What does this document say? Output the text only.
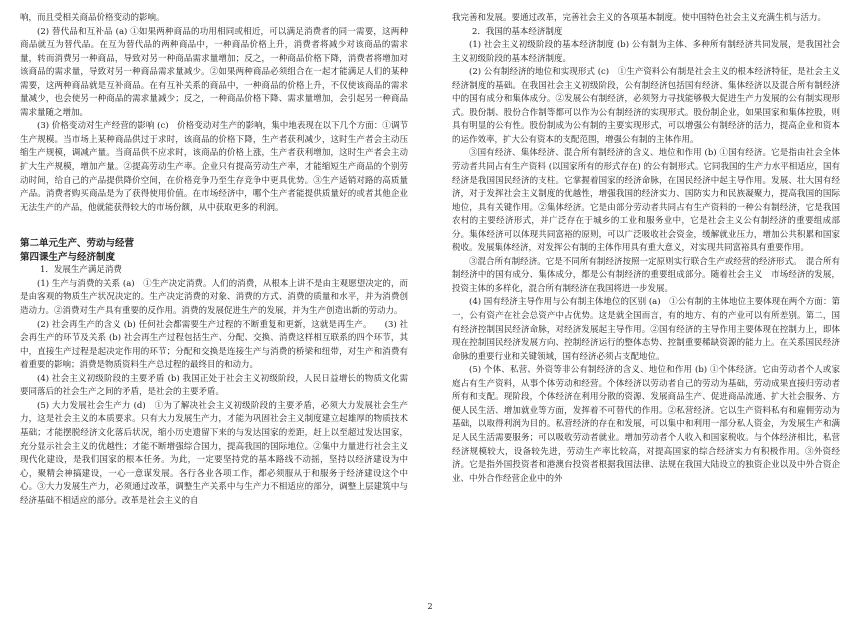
响，而且受相关商品价格变动的影响。

(2) 替代品和互补品 (a) ①如果两种商品的功用相同或相近，可以满足消费者的同一需要，这两种商品就互为替代品。在互为替代品的两种商品中，一种商品价格上升，消费者将减少对该商品的需求量，转而消费另一种商品，导致对另一种商品需求量增加；反之，一种商品价格下降，消费者将增加对该商品的需求量，导致对另一种商品需求量减少。②如果两种商品必须组合在一起才能满足人们的某种需要，这两种商品就是互补商品。在有互补关系的商品中，一种商品的价格上升，不仅使该商品的需求量减少，也会使另一种商品的需求量减少；反之，一种商品价格下降、需求量增加，会引起另一种商品需求量随之增加。

(3) 价格变动对生产经营的影响 (c)　价格变动对生产的影响，集中地表现在以下几个方面：①调节生产规模。当市场上某种商品供过于求时，该商品的价格下降，生产者获利减少，这时生产者会主动压缩生产规模，调减产量。当商品供不应求时，该商品的价格上涨，生产者获利增加，这时生产者会主动扩大生产规模，增加产量。②提高劳动生产率。企业只有提高劳动生产率，才能缩短生产商品的个别劳动时间，给自己的产品提供降价空间，在价格竞争乃至生存竞争中更具优势。③生产适销对路的高质量产品。消费者购买商品是为了获得使用价值。在市场经济中，哪个生产者能提供质量好的或者其他企业无法生产的产品，他就能获得较大的市场份额，从中获取更多的利润。

第二单元生产、劳动与经营
第四课生产与经济制度

1．发展生产满足消费

(1) 生产与消费的关系 (a)　①生产决定消费。人们的消费，从根本上讲不是由主观愿望决定的，而是由客观的物质生产状况决定的。生产决定消费的对象、消费的方式、消费的质量和水平，并为消费创造动力。②消费对生产具有重要的反作用。消费的发展促进生产的发展，并为生产创造出新的劳动力。

(2) 社会再生产的含义 (b) 任何社会都需要生产过程的不断重复和更新，这就是再生产。　　(3) 社会再生产的环节及关系 (b) 社会再生产过程包括生产、分配、交换、消费这样相互联系的四个环节，其中，直接生产过程是起决定作用的环节；分配和交换是连接生产与消费的桥梁和纽带，对生产和消费有着重要的影响；消费是物质资料生产总过程的最终目的和动力。

(4) 社会主义初级阶段的主要矛盾 (b) 我国正处于社会主义初级阶段，人民日益增长的物质文化需要同落后的社会生产之间的矛盾，是社会的主要矛盾。

(5) 大力发展社会生产力 (d)　①为了解决社会主义初级阶段的主要矛盾，必须大力发展社会生产力，这是社会主义的本质要求。只有大力发展生产力，才能为巩固社会主义制度建立起雄厚的物质技术基础；才能摆脱经济文化落后状况，缩小历史遗留下来的与发达国家的差距，赶上以至超过发达国家，充分显示社会主义的优越性；才能不断增强综合国力，提高我国的国际地位。②集中力量进行社会主义现代化建设，是我们国家的根本任务。为此，一定要坚持党的基本路线不动摇，坚持以经济建设为中心，聚精会神搞建设，一心一意谋发展。各行各业各项工作，都必须服从于和服务于经济建设这个中心。③大力发展生产力，必须通过改革，调整生产关系中与生产力不相适应的部分，调整上层建筑中与经济基础不相适应的部分。改革是社会主义的自

我完善和发展。要通过改革，完善社会主义的各项基本制度。使中国特色社会主义充满生机与活力。

2．我国的基本经济制度

(1) 社会主义初级阶段的基本经济制度 (b) 公有制为主体、多种所有制经济共同发展，是我国社会主义初级阶段的基本经济制度。

(2) 公有制经济的地位和实现形式 (c)　①生产资料公有制是社会主义的根本经济特征，是社会主义经济制度的基础。在我国社会主义初级阶段，公有制经济包括国有经济、集体经济以及混合所有制经济中的国有成分和集体成分。②发展公有制经济，必须努力寻找能够极大促进生产力发展的公有制实现形式。股份制、股份合作制等都可以作为公有制经济的实现形式。股份制企业，如果国家和集体控股，则具有明显的公有性。股份制成为公有制的主要实现形式，可以增强公有制经济的活力，提高企业和资本的运作效率，扩大公有资本的支配范围，增强公有制的主体作用。

③国有经济、集体经济、混合所有制经济的含义、地位和作用 (b) ①国有经济。它是指由社会全体劳动者共同占有生产资料 (以国家所有的形式存在) 的公有制形式。它同我国的生产力水平相适应，国有经济是我国国民经济的支柱。它掌握着国家的经济命脉，在国民经济中起主导作用。发展、壮大国有经济，对于发挥社会主义制度的优越性，增强我国的经济实力、国防实力和民族凝聚力，提高我国的国际地位，具有关键作用。②集体经济。它是由部分劳动者共同占有生产资料的一种公有制经济，它是我国农村的主要经济形式，并广泛存在于城乡的工业和服务业中，它是社会主义公有制经济的重要组成部分。集体经济可以体现共同富裕的原则，可以广泛吸收社会资金，缓解就业压力，增加公共积累和国家税收。发展集体经济，对发挥公有制的主体作用具有重大意义，对实现共同富裕具有重要作用。

③混合所有制经济。它是不同所有制经济按照一定原则实行联合生产或经营的经济形式。　混合所有制经济中的国有成分、集体成分，都是公有制经济的重要组成部分。随着社会主义　市场经济的发展，投资主体的多样化，混合所有制经济在我国将进一步发展。

(4) 国有经济主导作用与公有制主体地位的区别 (a)　①公有制的主体地位主要体现在两个方面：第一，公有资产在社会总资产中占优势。这是就全国而言，有的地方、有的产业可以有所差别。第二，国有经济控制国民经济命脉，对经济发展起主导作用。②国有经济的主导作用主要体现在控制力上，即体现在控制国民经济发展方向、控制经济运行的整体态势、控制重要稀缺资源的能力上。在关系国民经济命脉的重要行业和关键领域，国有经济必须占支配地位。

(5) 个体、私营、外资等非公有制经济的含义、地位和作用 (b) ①个体经济。它由劳动者个人或家庭占有生产资料，从事个体劳动和经营。个体经济以劳动者自己的劳动为基础，劳动成果直接归劳动者所有和支配。现阶段，个体经济在利用分散的资源、发展商品生产、促进商品流通、扩大社会服务、方便人民生活、增加就业等方面，发挥着不可替代的作用。②私营经济。它以生产资料私有和雇佣劳动为基础，以取得利润为目的。私营经济的存在和发展，可以集中和利用一部分私人资金，为发展生产和满足人民生活需要服务；可以吸收劳动者就业。增加劳动者个人收入和国家税收。与个体经济相比，私营经济规模较大，设备较先进，劳动生产率比较高，对提高国家的综合经济实力有积极作用。③外资经济。它是指外国投资者和港澳台投资者根据我国法律、法规在我国大陆设立的独资企业以及中外合资企业、中外合作经营企业中的外

2
